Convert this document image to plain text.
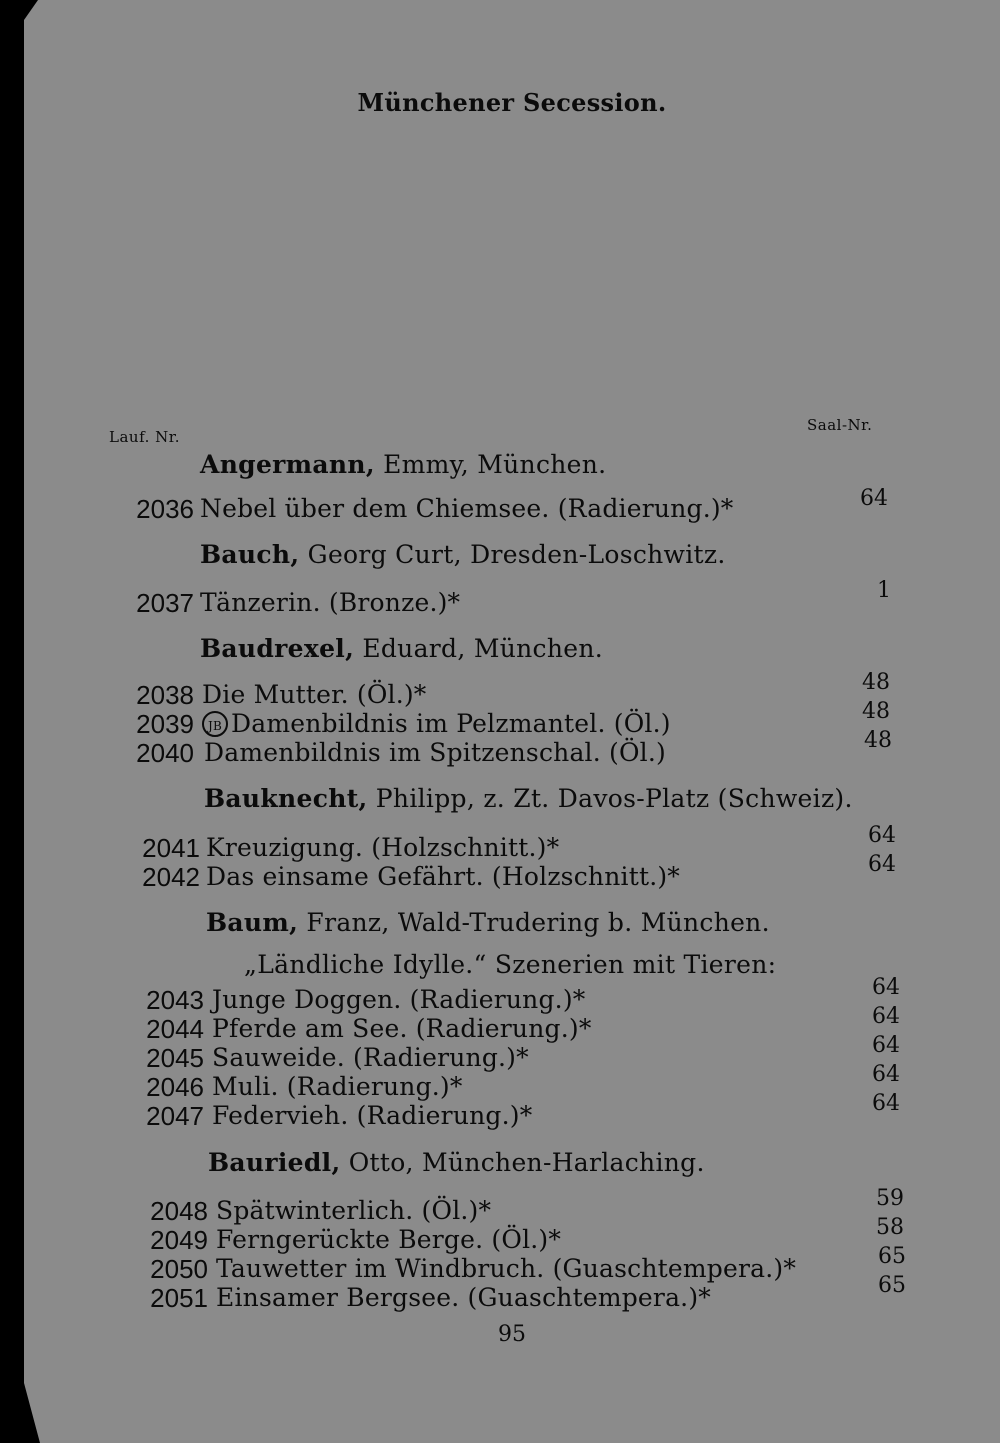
Münchener Secession.
Lauf. Nr.
Saal-Nr.
Angermann, Emmy, München.
2036 Nebel über dem Chiemsee. (Radierung.)*	64
Bauch, Georg Curt, Dresden-Loschwitz.
2037 Tänzerin. (Bronze.)*	1
Baudrexel, Eduard, München.
2038 Die Mutter. (Öl.)*	48
2039	JB Damenbildnis im Pelzmantel. (Öl.)	48
2040 Damenbildnis im Spitzenschal. (Öl.)	48
Bauknecht, Philipp, z. Zt. Davos-Platz (Schweiz).
2041 Kreuzigung. (Holzschnitt.)*	64
2042 Das einsame Gefährt. (Holzschnitt.)*	64
Baum, Franz, Wald-Trudering b. München.
„Ländliche Idylle.“ Szenerien mit Tieren:
2043 Junge Doggen. (Radierung.)*	64
2044 Pferde am See. (Radierung.)*	64
2045 Sauweide. (Radierung.)*	64
2046 Muli. (Radierung.)*	64
2047 Federvieh. (Radierung.)*	64
Bauriedl, Otto, München-Harlaching.
2048 Spätwinterlich. (Öl.)*	59
2049 Ferngerückte Berge. (Öl.)*	58
2050 Tauwetter im Windbruch. (Guaschtempera.)*	65
2051 Einsamer Bergsee. (Guaschtempera.)*	65
95
